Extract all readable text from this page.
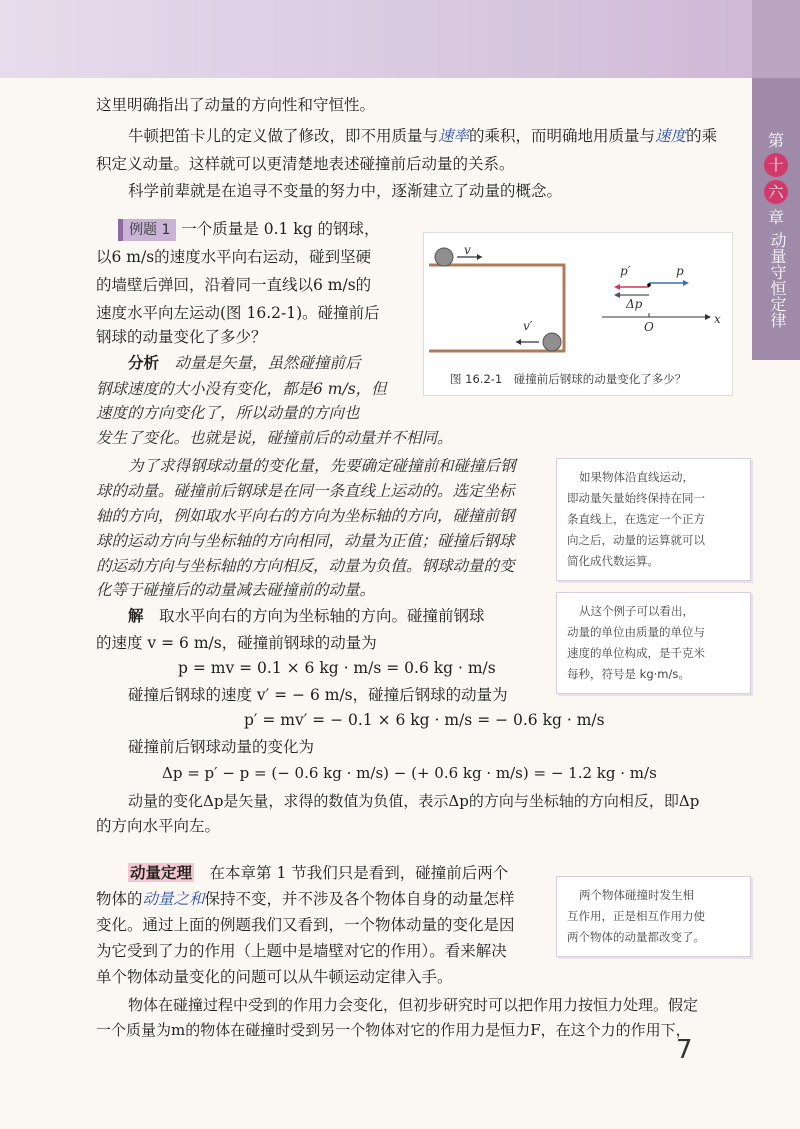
第
十
六
章
动量守恒定律

这里明确指出了动量的方向性和守恒性。

牛顿把笛卡儿的定义做了修改，即不用质量与速率的乘积，而明确地用质量与速度的乘

积定义动量。这样就可以更清楚地表述碰撞前后动量的关系。

科学前辈就是在追寻不变量的努力中，逐渐建立了动量的概念。

例题 1 一个质量是 0.1 kg 的钢球，

以6 m/s的速度水平向右运动，碰到坚硬

的墙壁后弹回，沿着同一直线以6 m/s的

速度水平向左运动(图 16.2-1)。碰撞前后

钢球的动量变化了多少？

v
v′
p′	p
Δp
O
x
图 16.2-1　碰撞前后钢球的动量变化了多少？

分析　 动量是矢量，虽然碰撞前后

钢球速度的大小没有变化，都是6 m/s，但

速度的方向变化了，所以动量的方向也

发生了变化。也就是说，碰撞前后的动量并不相同。

为了求得钢球动量的变化量，先要确定碰撞前和碰撞后钢

球的动量。碰撞前后钢球是在同一条直线上运动的。选定坐标

轴的方向，例如取水平向右的方向为坐标轴的方向，碰撞前钢

球的运动方向与坐标轴的方向相同，动量为正值；碰撞后钢球

的运动方向与坐标轴的方向相反，动量为负值。钢球动量的变

化等于碰撞后的动量减去碰撞前的动量。

如果物体沿直线运动，
即动量矢量始终保持在同一
条直线上，在选定一个正方
向之后，动量的运算就可以
简化成代数运算。
从这个例子可以看出，
动量的单位由质量的单位与
速度的单位构成，是千克米
每秒，符号是 kg·m/s。
两个物体碰撞时发生相
互作用，正是相互作用力使
两个物体的动量都改变了。

解　 取水平向右的方向为坐标轴的方向。碰撞前钢球

的速度 v = 6 m/s，碰撞前钢球的动量为

p = mv = 0.1 × 6 kg · m/s = 0.6 kg · m/s

碰撞后钢球的速度 v′ = − 6 m/s，碰撞后钢球的动量为

p′ = mv′ = − 0.1 × 6 kg · m/s = − 0.6 kg · m/s

碰撞前后钢球动量的变化为

Δp = p′ − p = (− 0.6 kg · m/s) − (+ 0.6 kg · m/s) = − 1.2 kg · m/s

动量的变化Δp是矢量，求得的数值为负值，表示Δp的方向与坐标轴的方向相反，即Δp

的方向水平向左。

动量定理　 在本章第 1 节我们只是看到，碰撞前后两个

物体的动量之和保持不变，并不涉及各个物体自身的动量怎样

变化。通过上面的例题我们又看到，一个物体动量的变化是因

为它受到了力的作用（上题中是墙壁对它的作用）。看来解决

单个物体动量变化的问题可以从牛顿运动定律入手。

物体在碰撞过程中受到的作用力会变化，但初步研究时可以把作用力按恒力处理。假定

一个质量为m的物体在碰撞时受到另一个物体对它的作用力是恒力F，在这个力的作用下，

7
